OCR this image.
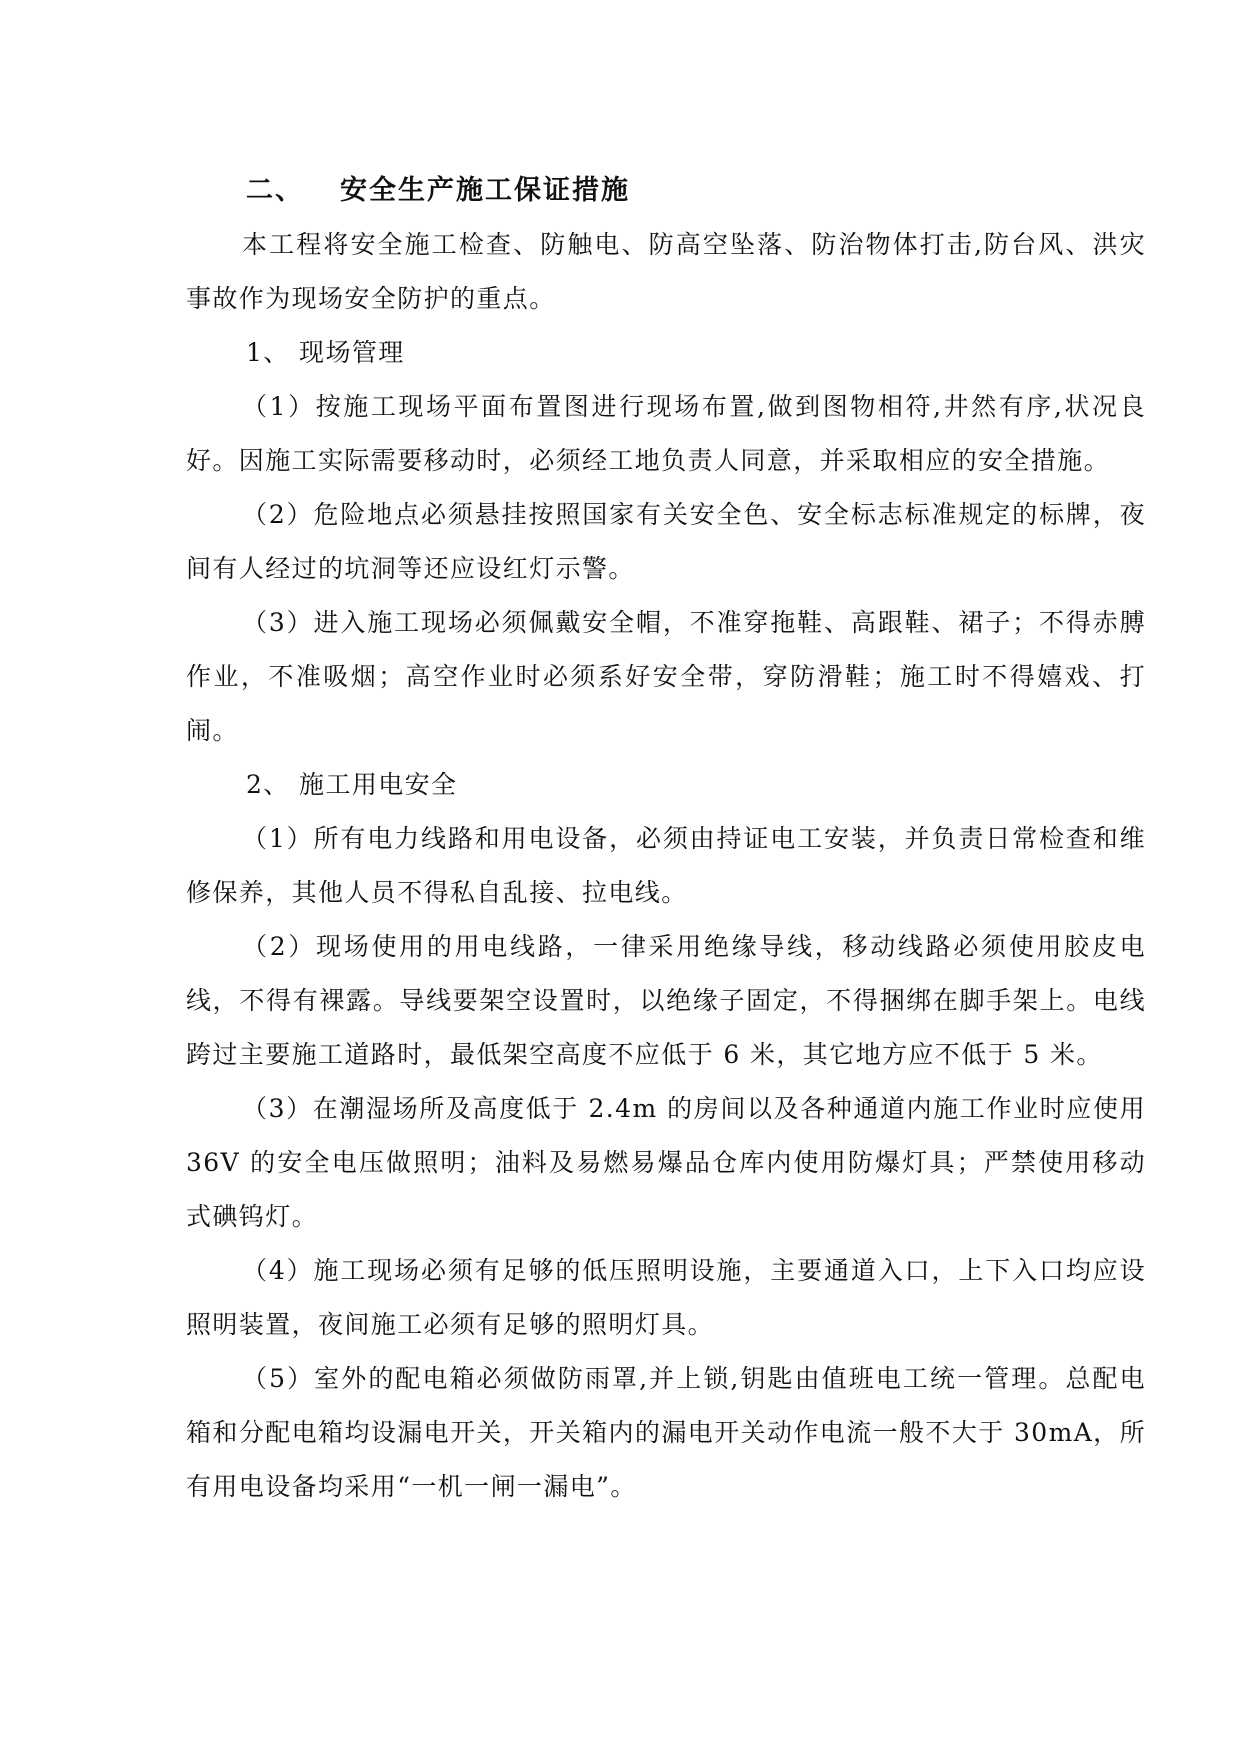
二、 安全生产施工保证措施

本工程将安全施工检查、防触电、防高空坠落、防治物体打击,防台风、洪灾事故作为现场安全防护的重点。

1、 现场管理

（1）按施工现场平面布置图进行现场布置,做到图物相符,井然有序,状况良好。因施工实际需要移动时，必须经工地负责人同意，并采取相应的安全措施。

（2）危险地点必须悬挂按照国家有关安全色、安全标志标准规定的标牌，夜间有人经过的坑洞等还应设红灯示警。

（3）进入施工现场必须佩戴安全帽，不准穿拖鞋、高跟鞋、裙子；不得赤膊作业，不准吸烟；高空作业时必须系好安全带，穿防滑鞋；施工时不得嬉戏、打闹。

2、 施工用电安全

（1）所有电力线路和用电设备，必须由持证电工安装，并负责日常检查和维修保养，其他人员不得私自乱接、拉电线。

（2）现场使用的用电线路，一律采用绝缘导线，移动线路必须使用胶皮电线，不得有裸露。导线要架空设置时，以绝缘子固定，不得捆绑在脚手架上。电线跨过主要施工道路时，最低架空高度不应低于 6 米，其它地方应不低于 5 米。

（3）在潮湿场所及高度低于 2.4m 的房间以及各种通道内施工作业时应使用 36V 的安全电压做照明；油料及易燃易爆品仓库内使用防爆灯具；严禁使用移动式碘钨灯。

（4）施工现场必须有足够的低压照明设施，主要通道入口，上下入口均应设照明装置，夜间施工必须有足够的照明灯具。

（5）室外的配电箱必须做防雨罩,并上锁,钥匙由值班电工统一管理。总配电箱和分配电箱均设漏电开关，开关箱内的漏电开关动作电流一般不大于 30mA，所有用电设备均采用“一机一闸一漏电”。
